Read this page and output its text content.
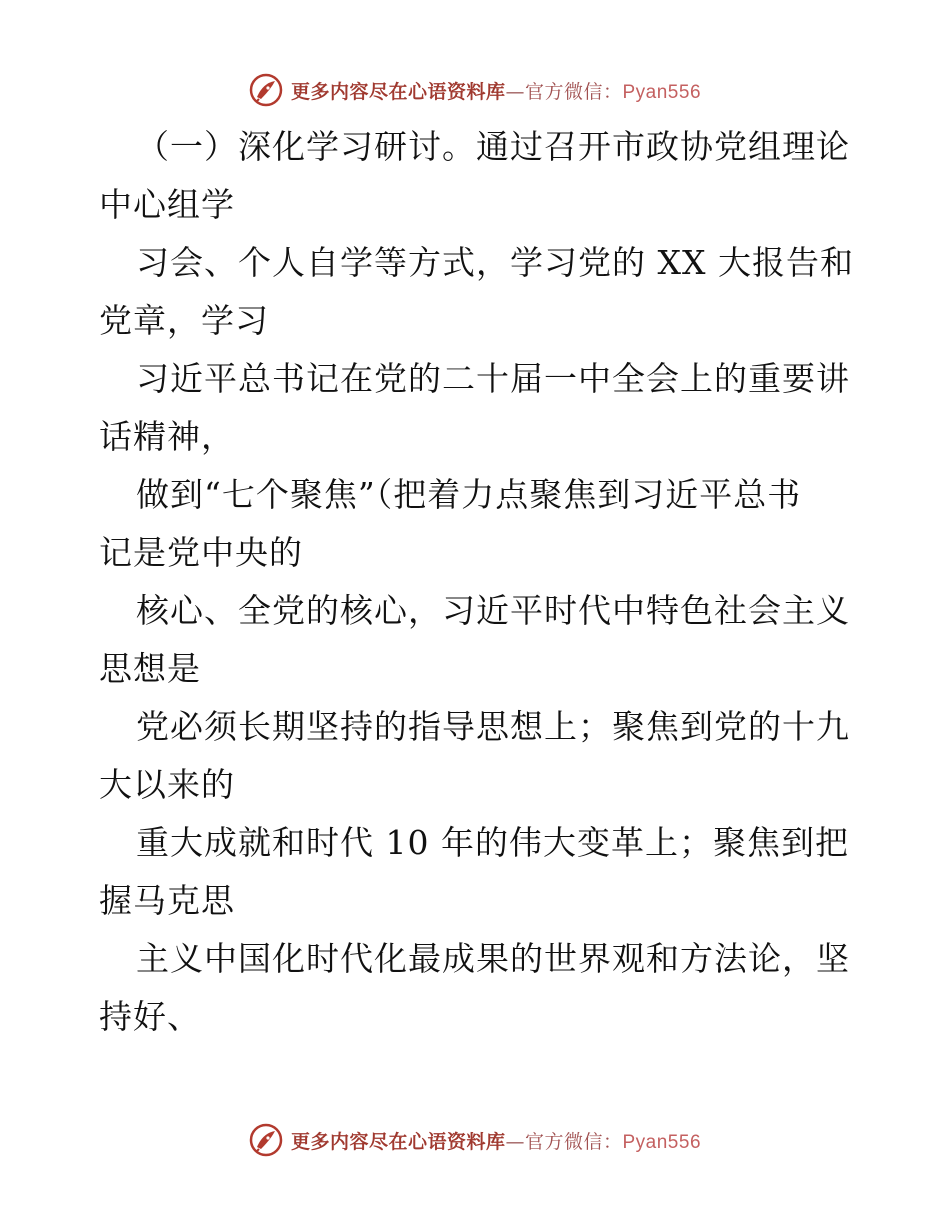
更多内容尽在心语资料库—官方微信：Pyan556
（一）深化学习研讨。通过召开市政协党组理论
中心组学
习会、个人自学等方式，学习党的 XX 大报告和
党章，学习
习近平总书记在党的二十届一中全会上的重要讲
话精神，
做到“七个聚焦”（把着力点聚焦到习近平总书
记是党中央的
核心、全党的核心，习近平时代中特色社会主义
思想是
党必须长期坚持的指导思想上；聚焦到党的十九
大以来的
重大成就和时代 10 年的伟大变革上；聚焦到把
握马克思
主义中国化时代化最成果的世界观和方法论，坚
持好、
更多内容尽在心语资料库—官方微信：Pyan556
